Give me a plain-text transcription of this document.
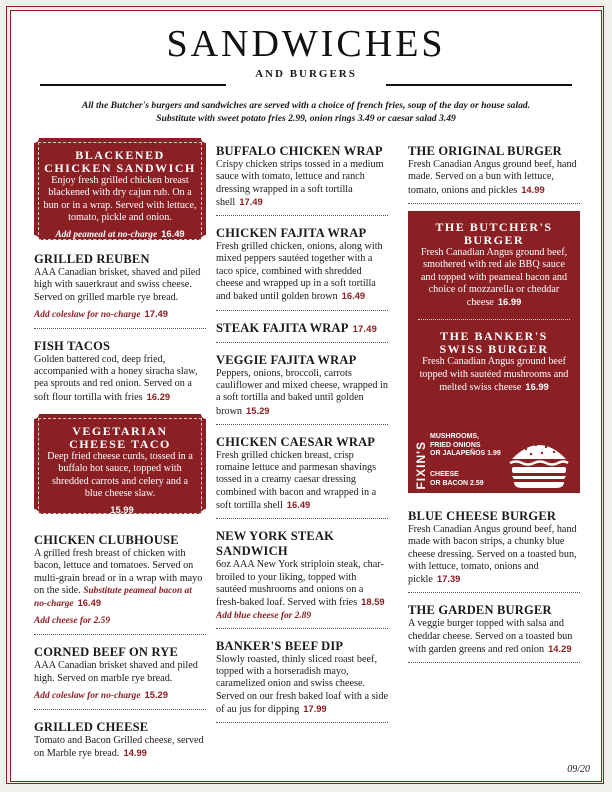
SANDWICHES
AND BURGERS
All the Butcher's burgers and sandwiches are served with a choice of french fries, soup of the day or house salad.
Substitute with sweet potato fries 2.99, onion rings 3.49 or caesar salad 3.49
BLACKENED
CHICKEN SANDWICH
Enjoy fresh grilled chicken breast blackened with dry cajun rub. On a bun or in a wrap. Served with lettuce, tomato, pickle and onion.
Add peameal at no-charge 16.49
GRILLED REUBEN
AAA Canadian brisket, shaved and piled high with sauerkraut and swiss cheese. Served on grilled marble rye bread.
Add coleslaw for no-charge 17.49
FISH TACOS
Golden battered cod, deep fried, accompanied with a honey siracha slaw, pea sprouts and red onion. Served on a soft flour tortilla with fries 16.29
VEGETARIAN
CHEESE TACO
Deep fried cheese curds, tossed in a buffalo hot sauce, topped with shredded carrots and celery and a blue cheese slaw.
15.99
CHICKEN CLUBHOUSE
A grilled fresh breast of chicken with bacon, lettuce and tomatoes. Served on multi-grain bread or in a wrap with mayo on the side. Substitute peameal bacon at no-charge 16.49
Add cheese for 2.59
CORNED BEEF ON RYE
AAA Canadian brisket shaved and piled high. Served on marble rye bread.
Add coleslaw for no-charge 15.29
GRILLED CHEESE
Tomato and Bacon Grilled cheese, served on Marble rye bread. 14.99
BUFFALO CHICKEN WRAP
Crispy chicken strips tossed in a medium sauce with tomato, lettuce and ranch dressing wrapped in a soft tortilla shell 17.49
CHICKEN FAJITA WRAP
Fresh grilled chicken, onions, along with mixed peppers sautéed together with a taco spice, combined with shredded cheese and wrapped up in a soft tortilla and baked until golden brown 16.49
STEAK FAJITA WRAP 17.49
VEGGIE FAJITA WRAP
Peppers, onions, broccoli, carrots cauliflower and mixed cheese, wrapped in a soft tortilla and baked until golden brown 15.29
CHICKEN CAESAR WRAP
Fresh grilled chicken breast, crisp romaine lettuce and parmesan shavings tossed in a creamy caesar dressing combined with bacon and wrapped in a soft tortilla shell 16.49
NEW YORK STEAK
SANDWICH
6oz AAA New York striploin steak, char-broiled to your liking, topped with sautéed mushrooms and onions on a fresh-baked loaf. Served with fries 18.59 Add blue cheese for 2.89
BANKER'S BEEF DIP
Slowly roasted, thinly sliced roast beef, topped with a horseradish mayo, caramelized onion and swiss cheese. Served on our fresh baked loaf with a side of au jus for dipping 17.99
THE ORIGINAL BURGER
Fresh Canadian Angus ground beef, hand made. Served on a bun with lettuce, tomato, onions and pickles 14.99
THE BUTCHER'S
BURGER
Fresh Canadian Angus ground beef, smothered with red ale BBQ sauce and topped with peameal bacon and choice of mozzarella or cheddar cheese 16.99
THE BANKER'S
SWISS BURGER
Fresh Canadian Angus ground beef topped with sautéed mushrooms and melted swiss cheese 16.99
FIXIN'S
MUSHROOMS,
FRIED ONIONS
OR JALAPEÑOS 1.99
CHEESE
OR BACON 2.59
BLUE CHEESE BURGER
Fresh Canadian Angus ground beef, hand made with bacon strips, a chunky blue cheese dressing. Served on a toasted bun, with lettuce, tomato, onions and pickle 17.39
THE GARDEN BURGER
A veggie burger topped with salsa and cheddar cheese. Served on a toasted bun with garden greens and red onion 14.29
09/20
